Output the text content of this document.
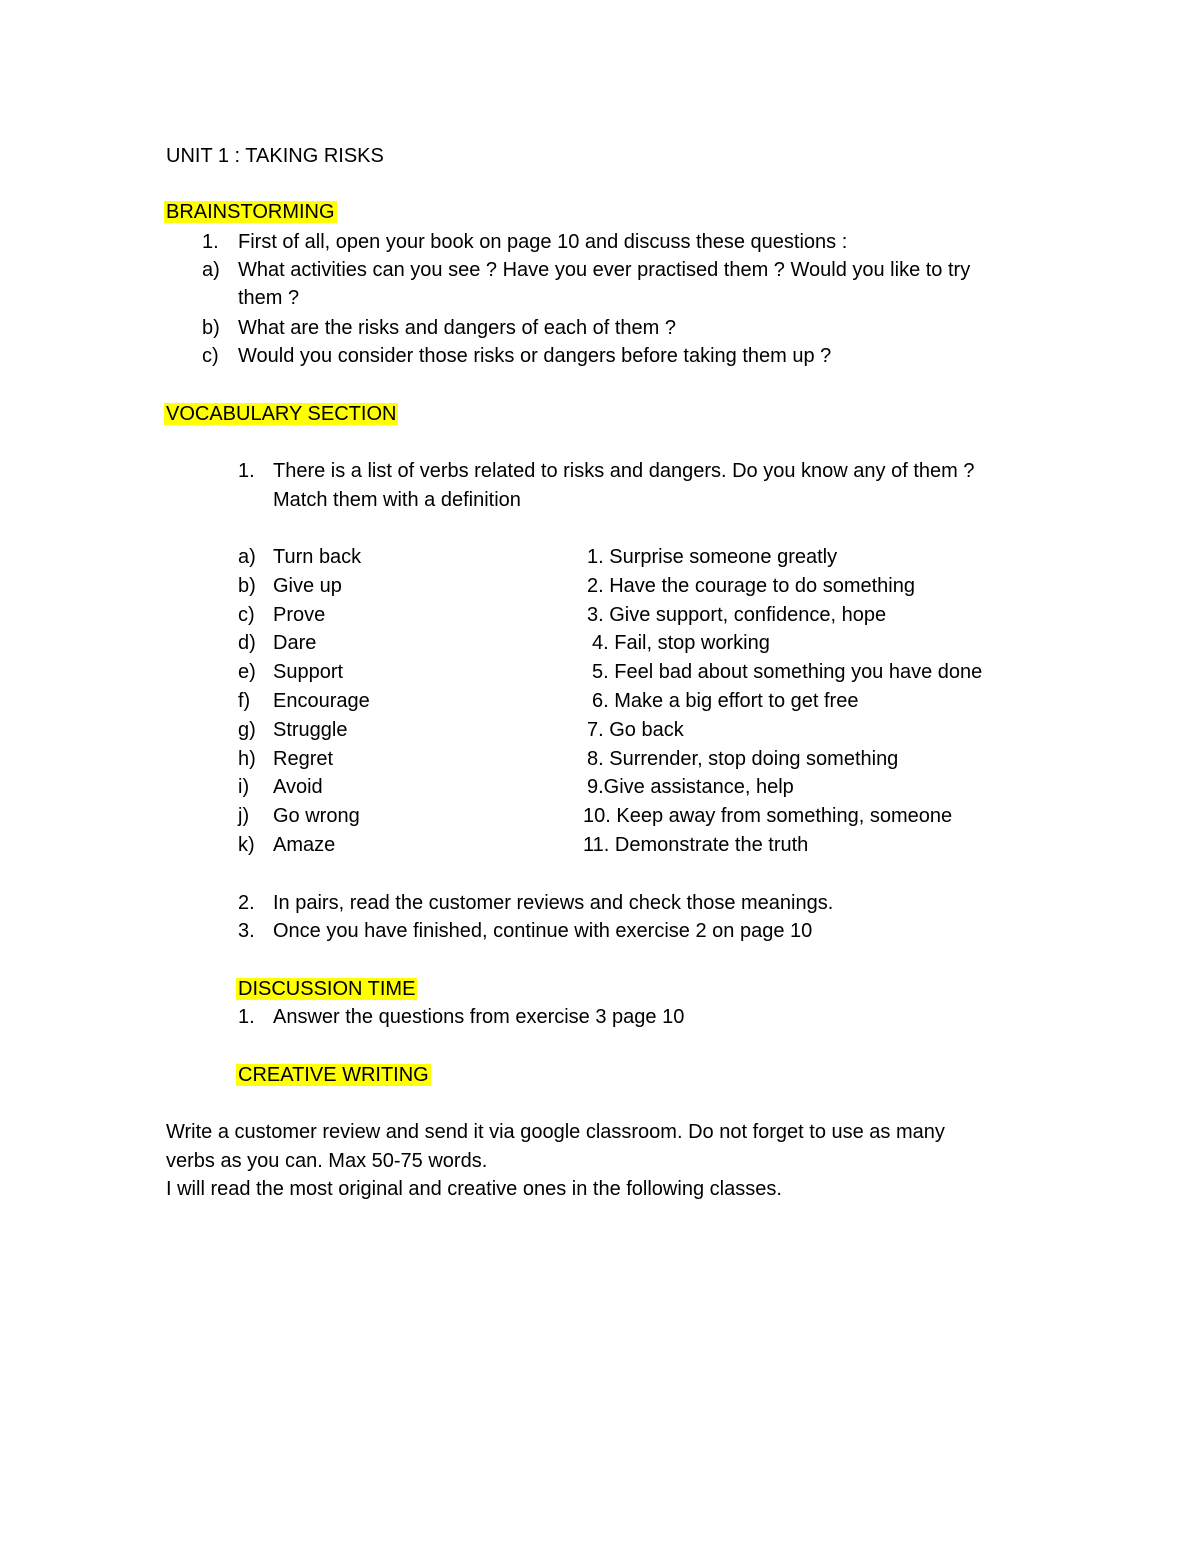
UNIT 1 : TAKING RISKS
BRAINSTORMING
1. First of all, open your book on page 10 and discuss these questions :
a) What activities can you see ? Have you ever practised them ? Would you like to try
them ?
b) What are the risks and dangers of each of them ?
c) Would you consider those risks or dangers before taking them up ?
VOCABULARY SECTION
1. There is a list of verbs related to risks and dangers. Do you know any of them ?
Match them with a definition
a) Turn back	1. Surprise someone greatly
b) Give up	2. Have the courage to do something
c) Prove	3. Give support, confidence, hope
d) Dare	4. Fail, stop working
e) Support	5. Feel bad about something you have done
f) Encourage	6. Make a big effort to get free
g) Struggle	7. Go back
h) Regret	8. Surrender, stop doing something
i) Avoid	9.Give assistance, help
j) Go wrong	10. Keep away from something, someone
k) Amaze	11. Demonstrate the truth
2. In pairs, read the customer reviews and check those meanings.
3. Once you have finished, continue with exercise 2 on page 10
DISCUSSION TIME
1. Answer the questions from exercise 3 page 10
CREATIVE WRITING
Write a customer review and send it via google classroom. Do not forget to use as many
verbs as you can. Max 50-75 words.
I will read the most original and creative ones in the following classes.
